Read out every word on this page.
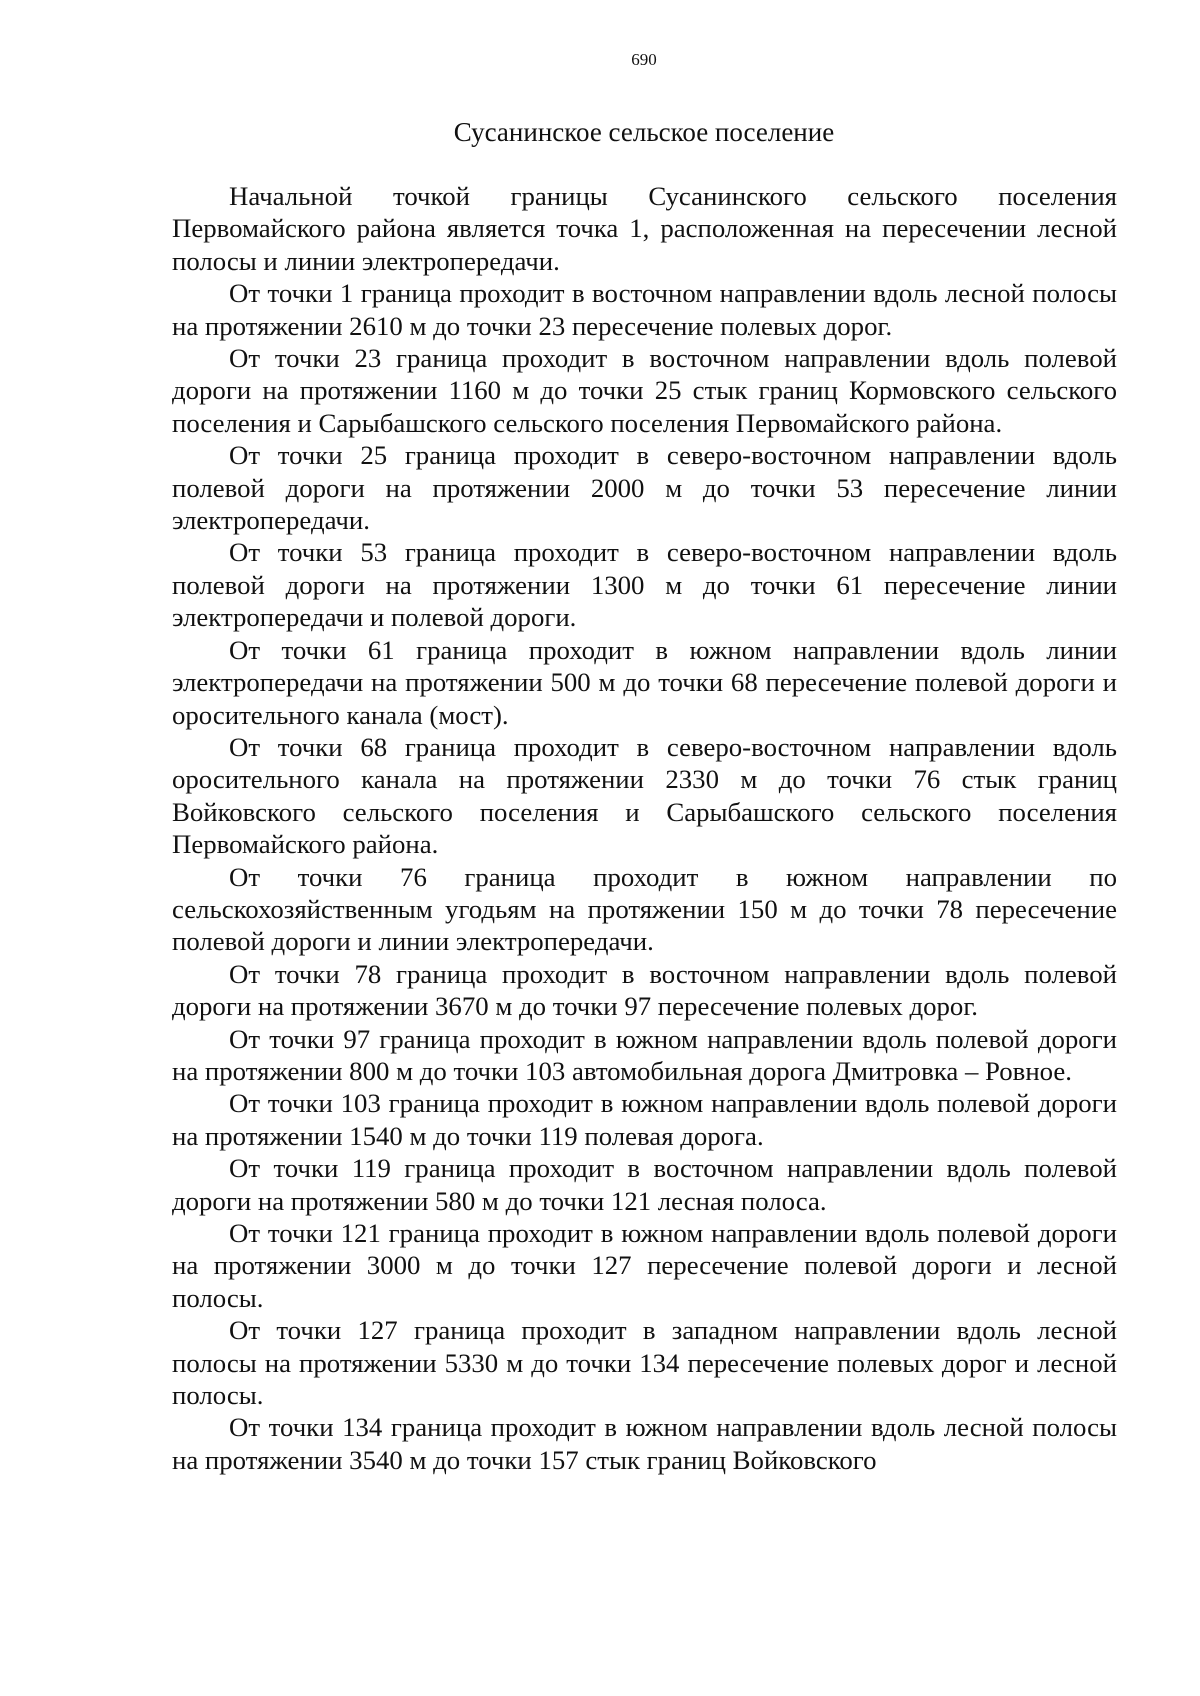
690
Сусанинское сельское поселение

Начальной точкой границы Сусанинского сельского поселения Первомайского района является точка 1, расположенная на пересечении лесной полосы и линии электропередачи.

От точки 1 граница проходит в восточном направлении вдоль лесной полосы на протяжении 2610 м до точки 23 пересечение полевых дорог.

От точки 23 граница проходит в восточном направлении вдоль полевой дороги на протяжении 1160 м до точки 25 стык границ Кормовского сельского поселения и Сарыбашского сельского поселения Первомайского района.

От точки 25 граница проходит в северо-восточном направлении вдоль полевой дороги на протяжении 2000 м до точки 53 пересечение линии электропередачи.

От точки 53 граница проходит в северо-восточном направлении вдоль полевой дороги на протяжении 1300 м до точки 61 пересечение линии электропередачи и полевой дороги.

От точки 61 граница проходит в южном направлении вдоль линии электропередачи на протяжении 500 м до точки 68 пересечение полевой дороги и оросительного канала (мост).

От точки 68 граница проходит в северо-восточном направлении вдоль оросительного канала на протяжении 2330 м до точки 76 стык границ Войковского сельского поселения и Сарыбашского сельского поселения Первомайского района.

От точки 76 граница проходит в южном направлении по сельскохозяйственным угодьям на протяжении 150 м до точки 78 пересечение полевой дороги и линии электропередачи.

От точки 78 граница проходит в восточном направлении вдоль полевой дороги на протяжении 3670 м до точки 97 пересечение полевых дорог.

От точки 97 граница проходит в южном направлении вдоль полевой дороги на протяжении 800 м до точки 103 автомобильная дорога Дмитровка – Ровное.

От точки 103 граница проходит в южном направлении вдоль полевой дороги на протяжении 1540 м до точки 119 полевая дорога.

От точки 119 граница проходит в восточном направлении вдоль полевой дороги на протяжении 580 м до точки 121 лесная полоса.

От точки 121 граница проходит в южном направлении вдоль полевой дороги на протяжении 3000 м до точки 127 пересечение полевой дороги и лесной полосы.

От точки 127 граница проходит в западном направлении вдоль лесной полосы на протяжении 5330 м до точки 134 пересечение полевых дорог и лесной полосы.

От точки 134 граница проходит в южном направлении вдоль лесной полосы на протяжении 3540 м до точки 157 стык границ Войковского
